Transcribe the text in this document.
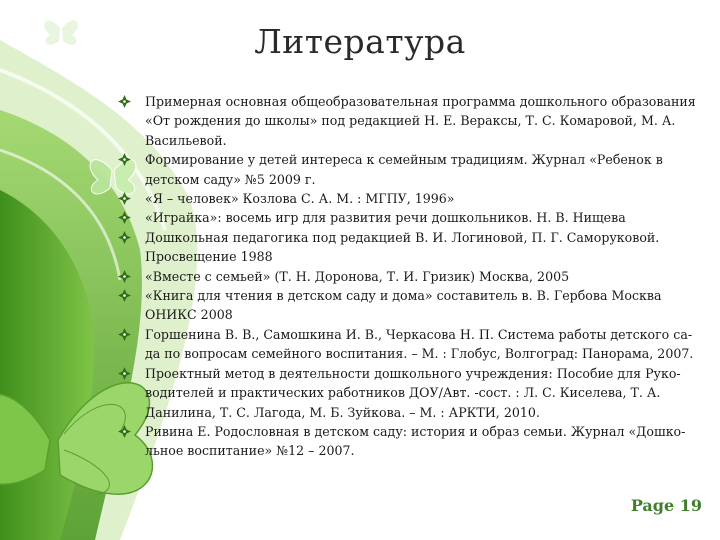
Литература
Примерная основная общеобразовательная программа дошкольного образования «От рождения до школы» под редакцией Н. Е. Вераксы, Т. С. Комаровой, М. А. Васильевой.
Формирование у детей интереса к семейным традициям. Журнал «Ребенок в детском саду» №5 2009 г.
«Я – человек» Козлова С. А. М. : МГПУ, 1996»
«Играйка»: восемь игр для развития речи дошкольников. Н. В. Нищева
Дошкольная педагогика под редакцией В. И. Логиновой, П. Г. Саморуковой. Просвещение 1988
«Вместе с семьей» (Т. Н. Доронова, Т. И. Гризик) Москва, 2005
«Книга для чтения в детском саду и дома» составитель в. В. Гербова Москва ОНИКС 2008
Горшенина В. В., Самошкина И. В., Черкасова Н. П. Система работы детского са-да по вопросам семейного воспитания. – М. : Глобус, Волгоград: Панорама, 2007.
Проектный метод в деятельности дошкольного учреждения: Пособие для Руко-водителей и практических работников ДОУ/Авт. -сост. : Л. С. Киселева, Т. А. Данилина, Т. С. Лагода, М. Б. Зуйкова. – М. : АРКТИ, 2010.
Ривина Е. Родословная в детском саду: история и образ семьи. Журнал «Дошко-льное воспитание» №12 – 2007.
Page 19
